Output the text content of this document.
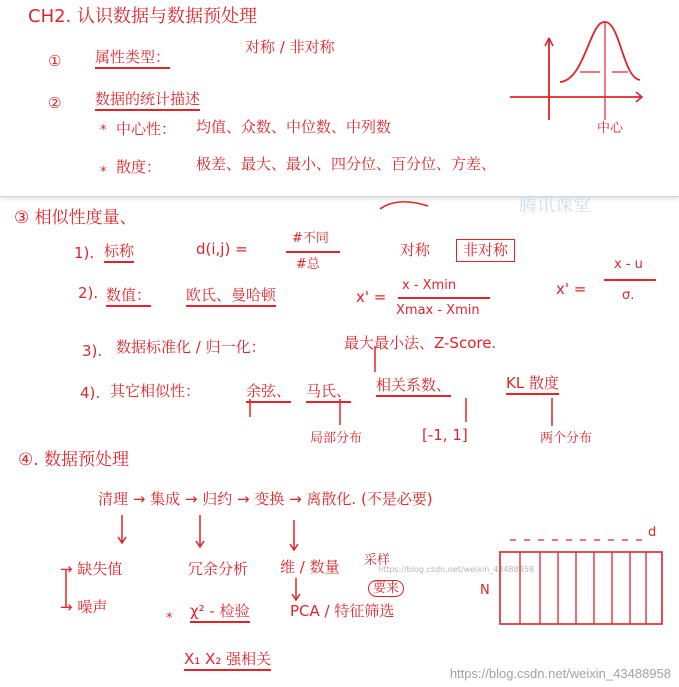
CH2. 认识数据与数据预处理
① 属性类型：
对称 / 非对称
② 数据的统计描述
* 中心性： 均值、众数、中位数、中列数
* 散度： 极差、最大、最小、四分位、百分位、方差、
中心
腾讯课堂
③ 相似性度量、
1). 标称	d(i,j) =
#不同
#总
对称	非对称
2). 数值： 欧氏、曼哈顿	x' =
x - Xmin
Xmax - Xmin
x' =
x - u
σ.
3). 数据标准化 / 归一化：	最大最小法、Z-Score.
4). 其它相似性：	余弦、 马氏、 相关系数、	KL 散度
局部分布	[-1, 1]	两个分布
④. 数据预处理
清理 → 集成 → 归约 → 变换 → 离散化. (不是必要)
→ 缺失值
→ 噪声
冗余分析
* χ² - 检验
维 / 数量
PCA / 特征筛选
采样
要来
X₁ X₂ 强相关
https://blog.csdn.net/weixin_43488958
N
d
https://blog.csdn.net/weixin_43488958
